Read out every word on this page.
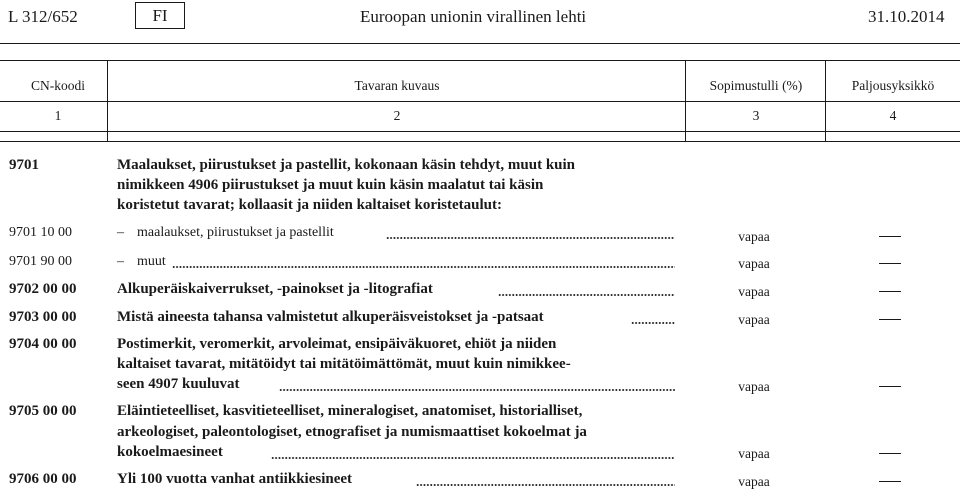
L 312/652	FI	Euroopan unionin virallinen lehti	31.10.2014
CN-koodi	Tavaran kuvaus	Sopimustulli (%)	Paljousyksikkö
1	2	3	4
9701	Maalaukset, piirustukset ja pastellit, kokonaan käsin tehdyt, muut kuin
nimikkeen 4906 piirustukset ja muut kuin käsin maalatut tai käsin
koristetut tavarat; kollaasit ja niiden kaltaiset koristetaulut:
9701 10 00	– maalaukset, piirustukset ja pastellit	vapaa
9701 90 00	– muut	vapaa
9702 00 00	Alkuperäiskaiverrukset, -painokset ja -litografiat	vapaa
9703 00 00	Mistä aineesta tahansa valmistetut alkuperäisveistokset ja -patsaat	vapaa
9704 00 00	Postimerkit, veromerkit, arvoleimat, ensipäiväkuoret, ehiöt ja niiden
kaltaiset tavarat, mitätöidyt tai mitätöimättömät, muut kuin nimikkee-
seen 4907 kuuluvat	vapaa
9705 00 00	Eläintieteelliset, kasvitieteelliset, mineralogiset, anatomiset, historialliset,
arkeologiset, paleontologiset, etnografiset ja numismaattiset kokoelmat ja
kokoelmaesineet	vapaa
9706 00 00	Yli 100 vuotta vanhat antiikkiesineet	vapaa
